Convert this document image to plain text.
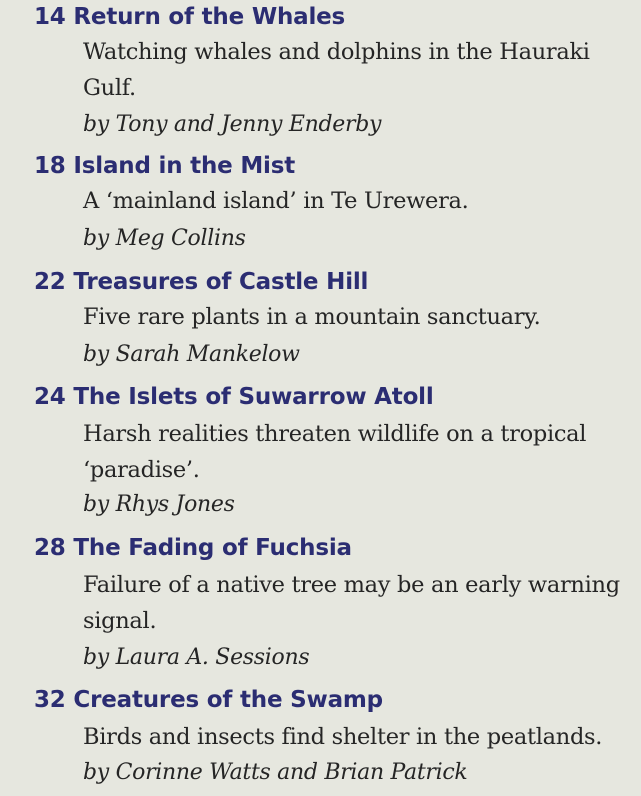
14 Return of the Whales
Watching whales and dolphins in the Hauraki Gulf.
by Tony and Jenny Enderby
18 Island in the Mist
A ‘mainland island’ in Te Urewera.
by Meg Collins
22 Treasures of Castle Hill
Five rare plants in a mountain sanctuary.
by Sarah Mankelow
24 The Islets of Suwarrow Atoll
Harsh realities threaten wildlife on a tropical ‘paradise’.
by Rhys Jones
28 The Fading of Fuchsia
Failure of a native tree may be an early warning signal.
by Laura A. Sessions
32 Creatures of the Swamp
Birds and insects find shelter in the peatlands.
by Corinne Watts and Brian Patrick
